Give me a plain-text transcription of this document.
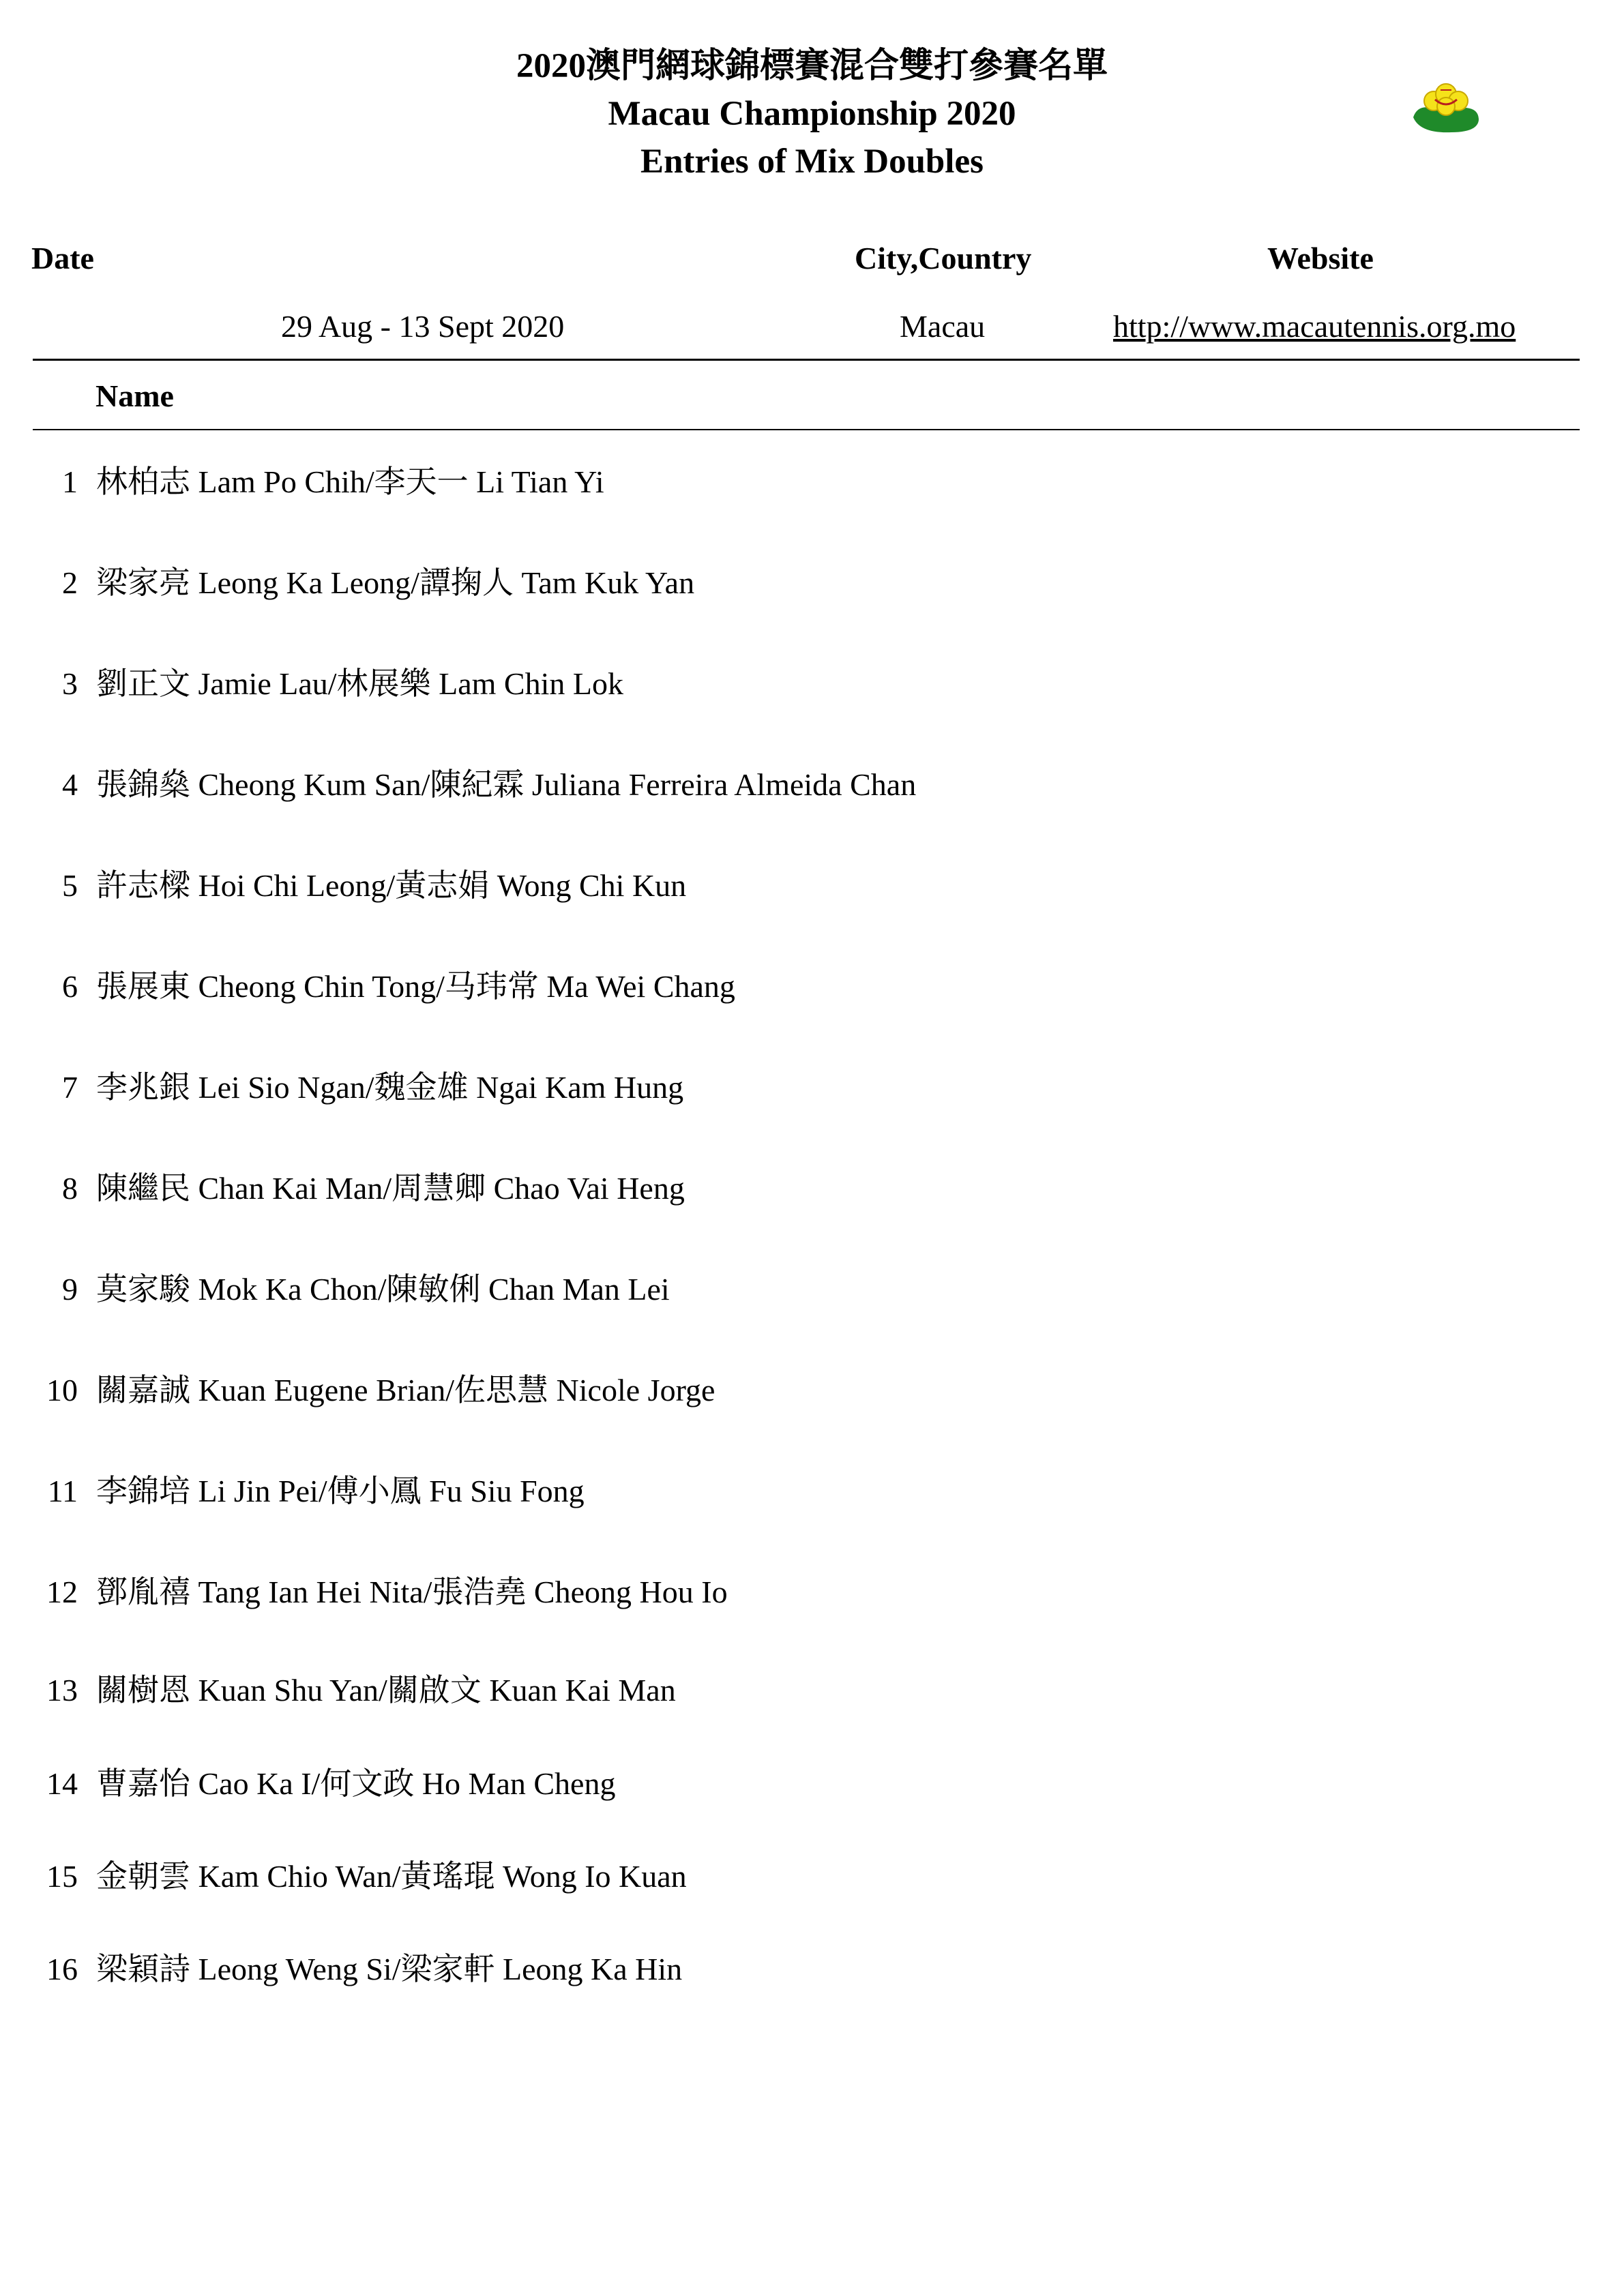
2020澳門網球錦標賽混合雙打參賽名單
Macau Championship 2020
Entries of Mix Doubles
Date	City,Country	Website
29 Aug - 13 Sept 2020	Macau	http://www.macautennis.org.mo
Name
1 林柏志 Lam Po Chih/李天一 Li Tian Yi
2 梁家亮 Leong Ka Leong/譚掬人 Tam Kuk Yan
3 劉正文 Jamie Lau/林展樂 Lam Chin Lok
4 張錦燊 Cheong Kum San/陳紀霖 Juliana Ferreira Almeida Chan
5 許志樑 Hoi Chi Leong/黃志娟 Wong Chi Kun
6 張展東 Cheong Chin Tong/马玮常 Ma Wei Chang
7 李兆銀 Lei Sio Ngan/魏金雄 Ngai Kam Hung
8 陳繼民 Chan Kai Man/周慧卿 Chao Vai Heng
9 莫家駿 Mok Ka Chon/陳敏俐 Chan Man Lei
10 關嘉誠 Kuan Eugene Brian/佐思慧 Nicole Jorge
11 李錦培 Li Jin Pei/傅小鳳 Fu Siu Fong
12 鄧胤禧 Tang Ian Hei Nita/張浩堯 Cheong Hou Io
13 關樹恩 Kuan Shu Yan/關啟文 Kuan Kai Man
14 曹嘉怡 Cao Ka I/何文政 Ho Man Cheng
15 金朝雲 Kam Chio Wan/黃瑤琨 Wong Io Kuan
16 梁穎詩 Leong Weng Si/梁家軒 Leong Ka Hin
